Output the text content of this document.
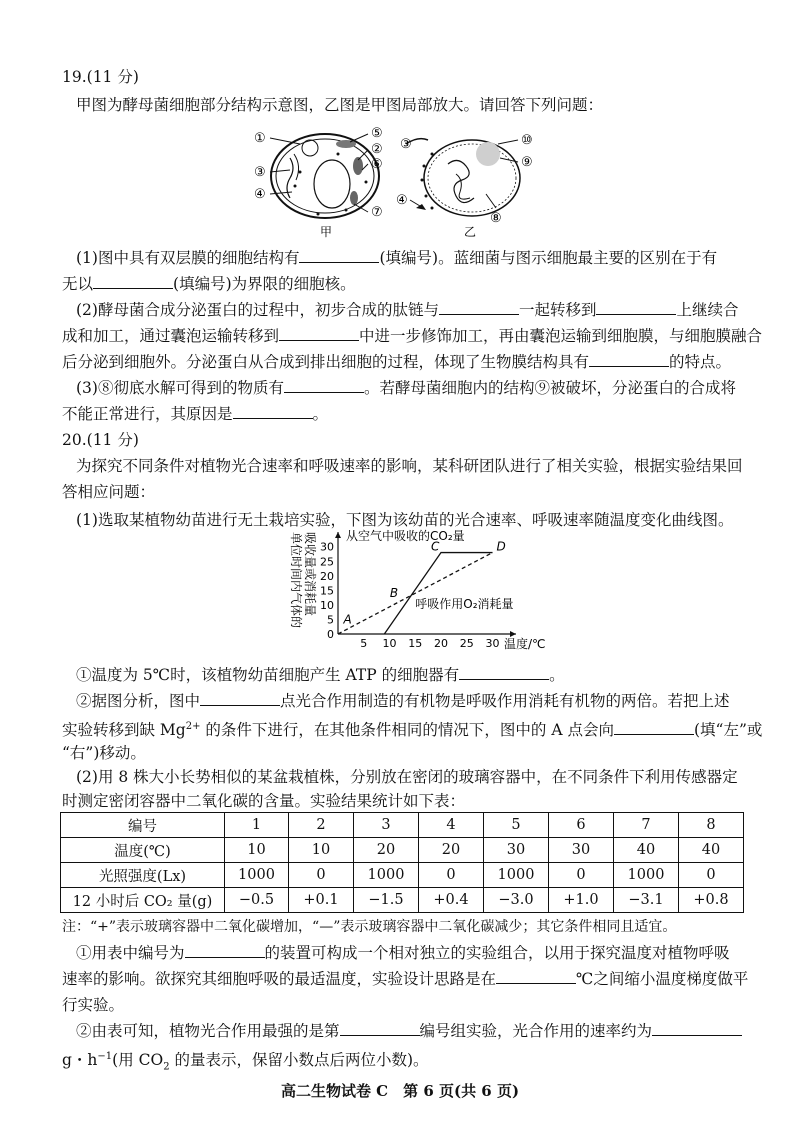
19.(11 分)
甲图为酵母菌细胞部分结构示意图，乙图是甲图局部放大。请回答下列问题：
①	⑤
②
⑥
③
④
⑦
⑩
⑨
⑧
④
③
甲	乙
(1)图中具有双层膜的细胞结构有	(填编号)。蓝细菌与图示细胞最主要的区别在于有
无以	(填编号)为界限的细胞核。
(2)酵母菌合成分泌蛋白的过程中，初步合成的肽链与	一起转移到	上继续合
成和加工，通过囊泡运输转移到	中进一步修饰加工，再由囊泡运输到细胞膜，与细胞膜融合
后分泌到细胞外。分泌蛋白从合成到排出细胞的过程，体现了生物膜结构具有	的特点。
(3)⑧彻底水解可得到的物质有	。若酵母菌细胞内的结构⑨被破坏，分泌蛋白的合成将
不能正常进行，其原因是	。
20.(11 分)
为探究不同条件对植物光合速率和呼吸速率的影响，某科研团队进行了相关实验，根据实验结果回
答相应问题：
(1)选取某植物幼苗进行无土栽培实验，下图为该幼苗的光合速率、呼吸速率随温度变化曲线图。
5 10 15 20 25 30
0
5
10
15
20
25
30
从空气中吸收的CO₂量
呼吸作用O₂消耗量
A
B
C	D
温度/℃
单位时间内气体的 吸收量或消耗量
①温度为 5℃时，该植物幼苗细胞产生 ATP 的细胞器有	。
②据图分析，图中	点光合作用制造的有机物是呼吸作用消耗有机物的两倍。若把上述
实验转移到缺 $Mg^{2+}$ 的条件下进行，在其他条件相同的情况下，图中的 A 点会向	(填“左”或
“右”)移动。
(2)用 8 株大小长势相似的某盆栽植株，分别放在密闭的玻璃容器中，在不同条件下利用传感器定
时测定密闭容器中二氧化碳的含量。实验结果统计如下表：
编号	1	2	3	4	5	6	7	8
温度(℃)	10	10	20	20	30	30	40	40
光照强度(Lx)	1000	0	1000	0	1000	0	1000	0
12 小时后 CO₂ 量(g)	−0.5	+0.1	−1.5	+0.4	−3.0	+1.0	−3.1	+0.8
注：“+”表示玻璃容器中二氧化碳增加，“—”表示玻璃容器中二氧化碳减少；其它条件相同且适宜。
①用表中编号为	的装置可构成一个相对独立的实验组合，以用于探究温度对植物呼吸
速率的影响。欲探究其细胞呼吸的最适温度，实验设计思路是在	℃之间缩小温度梯度做平
行实验。
②由表可知，植物光合作用最强的是第	编号组实验，光合作用的速率约为
g・$h^{-1}$(用 $CO_2$ 的量表示，保留小数点后两位小数)。
高二生物试卷 C　第 6 页(共 6 页)
